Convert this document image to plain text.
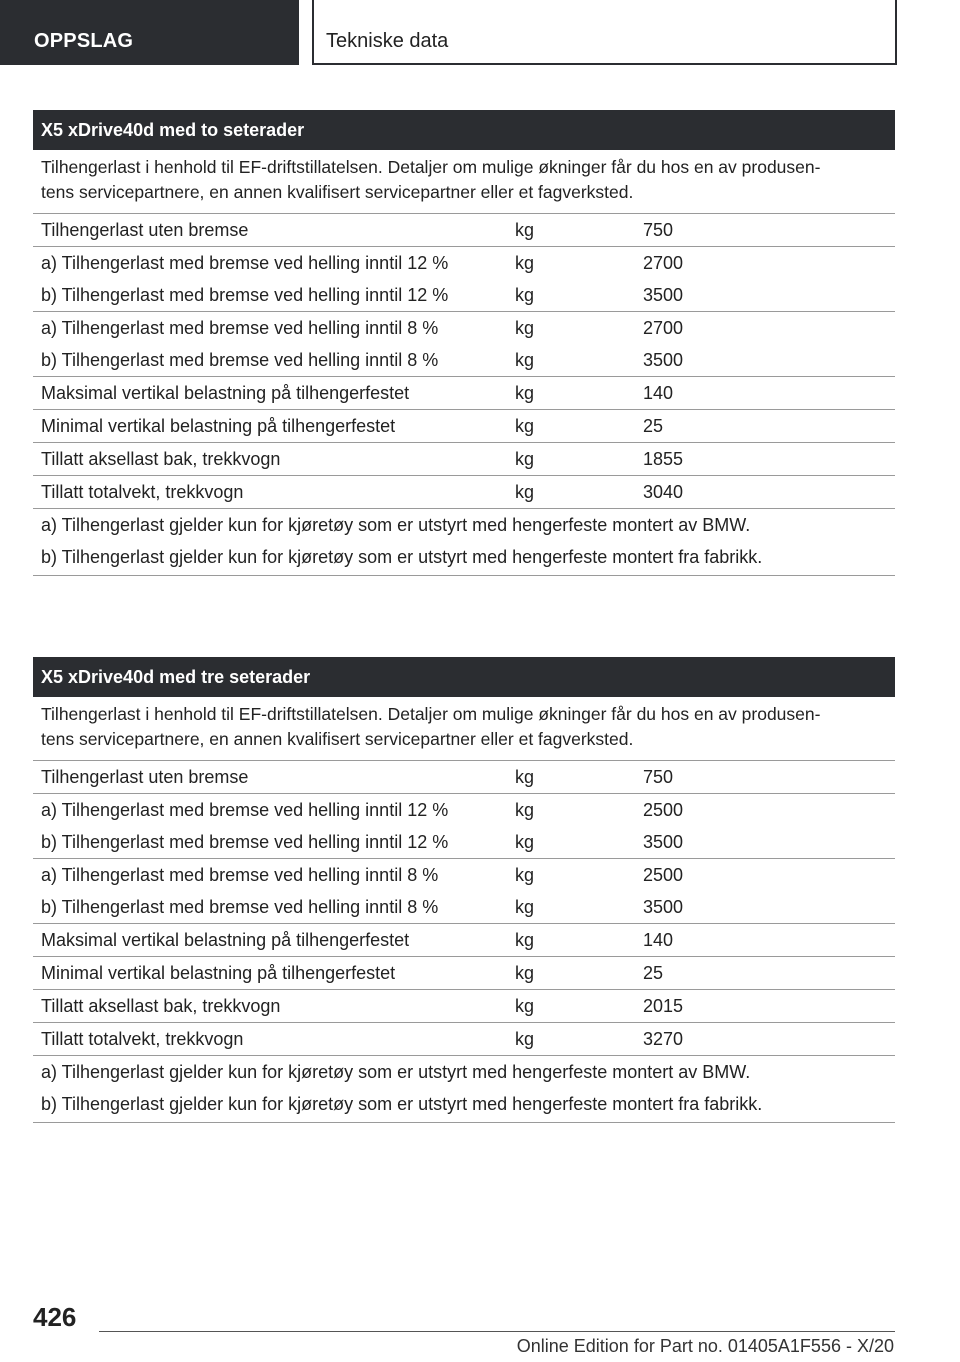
OPPSLAG	Tekniske data
X5 xDrive40d med to seterader
Tilhengerlast i henhold til EF-driftstillatelsen. Detaljer om mulige økninger får du hos en av produsen-
tens servicepartnere, en annen kvalifisert servicepartner eller et fagverksted.
Tilhengerlast uten bremse	kg	750
a) Tilhengerlast med bremse ved helling inntil 12 %	kg	2700
b) Tilhengerlast med bremse ved helling inntil 12 %	kg	3500
a) Tilhengerlast med bremse ved helling inntil 8 %	kg	2700
b) Tilhengerlast med bremse ved helling inntil 8 %	kg	3500
Maksimal vertikal belastning på tilhengerfestet	kg	140
Minimal vertikal belastning på tilhengerfestet	kg	25
Tillatt aksellast bak, trekkvogn	kg	1855
Tillatt totalvekt, trekkvogn	kg	3040
a) Tilhengerlast gjelder kun for kjøretøy som er utstyrt med hengerfeste montert av BMW.
b) Tilhengerlast gjelder kun for kjøretøy som er utstyrt med hengerfeste montert fra fabrikk.
X5 xDrive40d med tre seterader
Tilhengerlast i henhold til EF-driftstillatelsen. Detaljer om mulige økninger får du hos en av produsen-
tens servicepartnere, en annen kvalifisert servicepartner eller et fagverksted.
Tilhengerlast uten bremse	kg	750
a) Tilhengerlast med bremse ved helling inntil 12 %	kg	2500
b) Tilhengerlast med bremse ved helling inntil 12 %	kg	3500
a) Tilhengerlast med bremse ved helling inntil 8 %	kg	2500
b) Tilhengerlast med bremse ved helling inntil 8 %	kg	3500
Maksimal vertikal belastning på tilhengerfestet	kg	140
Minimal vertikal belastning på tilhengerfestet	kg	25
Tillatt aksellast bak, trekkvogn	kg	2015
Tillatt totalvekt, trekkvogn	kg	3270
a) Tilhengerlast gjelder kun for kjøretøy som er utstyrt med hengerfeste montert av BMW.
b) Tilhengerlast gjelder kun for kjøretøy som er utstyrt med hengerfeste montert fra fabrikk.
426
Online Edition for Part no. 01405A1F556 - X/20
